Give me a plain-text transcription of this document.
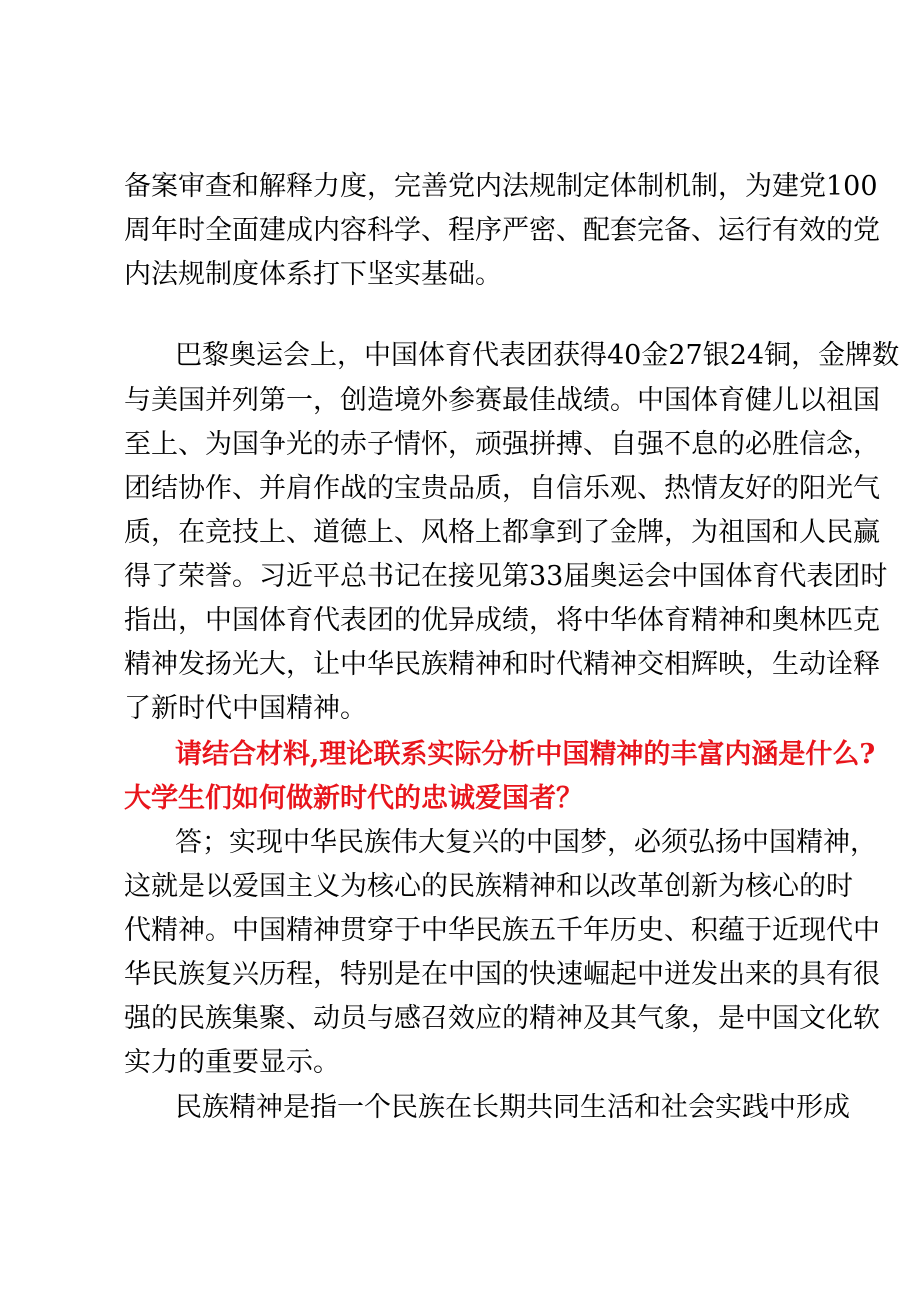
备案审查和解释力度，完善党内法规制定体制机制，为建党100
周年时全面建成内容科学、程序严密、配套完备、运行有效的党
内法规制度体系打下坚实基础。
巴黎奥运会上，中国体育代表团获得40金27银24铜，金牌数
与美国并列第一，创造境外参赛最佳战绩。中国体育健儿以祖国
至上、为国争光的赤子情怀，顽强拼搏、自强不息的必胜信念，
团结协作、并肩作战的宝贵品质，自信乐观、热情友好的阳光气
质，在竞技上、道德上、风格上都拿到了金牌，为祖国和人民赢
得了荣誉。习近平总书记在接见第33届奥运会中国体育代表团时
指出，中国体育代表团的优异成绩，将中华体育精神和奥林匹克
精神发扬光大，让中华民族精神和时代精神交相辉映，生动诠释
了新时代中国精神。
请结合材料,理论联系实际分析中国精神的丰富内涵是什么?
大学生们如何做新时代的忠诚爱国者？
答；实现中华民族伟大复兴的中国梦，必须弘扬中国精神，
这就是以爱国主义为核心的民族精神和以改革创新为核心的时
代精神。中国精神贯穿于中华民族五千年历史、积蕴于近现代中
华民族复兴历程，特别是在中国的快速崛起中迸发出来的具有很
强的民族集聚、动员与感召效应的精神及其气象，是中国文化软
实力的重要显示。
民族精神是指一个民族在长期共同生活和社会实践中形成
